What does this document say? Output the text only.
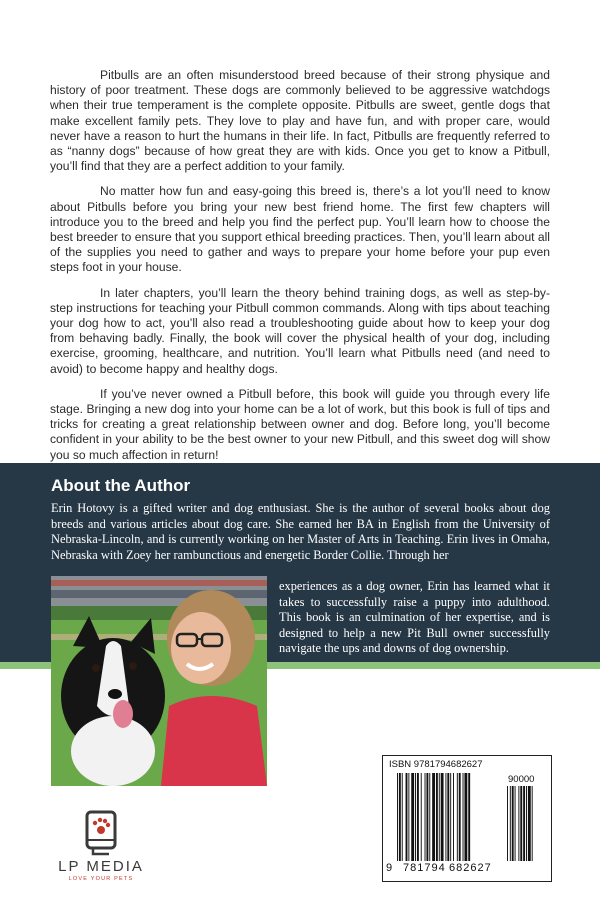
Pitbulls are an often misunderstood breed because of their strong physique and history of poor treatment. These dogs are commonly believed to be aggressive watchdogs when their true temperament is the complete opposite. Pitbulls are sweet, gentle dogs that make excellent family pets. They love to play and have fun, and with proper care, would never have a reason to hurt the humans in their life. In fact, Pitbulls are frequently referred to as “nanny dogs” because of how great they are with kids. Once you get to know a Pitbull, you’ll find that they are a perfect addition to your family.

No matter how fun and easy-going this breed is, there’s a lot you’ll need to know about Pitbulls before you bring your new best friend home. The first few chapters will introduce you to the breed and help you find the perfect pup. You’ll learn how to choose the best breeder to ensure that you support ethical breeding practices. Then, you’ll learn about all of the supplies you need to gather and ways to prepare your home before your pup even steps foot in your house.

In later chapters, you’ll learn the theory behind training dogs, as well as step-by-step instructions for teaching your Pitbull common commands. Along with tips about teaching your dog how to act, you’ll also read a troubleshooting guide about how to keep your dog from behaving badly. Finally, the book will cover the physical health of your dog, including exercise, grooming, healthcare, and nutrition. You’ll learn what Pitbulls need (and need to avoid) to become happy and healthy dogs.

If you’ve never owned a Pitbull before, this book will guide you through every life stage. Bringing a new dog into your home can be a lot of work, but this book is full of tips and tricks for creating a great relationship between owner and dog. Before long, you’ll become confident in your ability to be the best owner to your new Pitbull, and this sweet dog will show you so much affection in return!

About the Author
Erin Hotovy is a gifted writer and dog enthusiast. She is the author of several books about dog breeds and various articles about dog care. She earned her BA in English from the University of Nebraska-Lincoln, and is currently working on her Master of Arts in Teaching. Erin lives in Omaha, Nebraska with Zoey her rambunctious and energetic Border Collie. Through her
experiences as a dog owner, Erin has learned what it takes to successfully raise a puppy into adulthood. This book is an culmination of her expertise, and is designed to help a new Pit Bull owner successfully navigate the ups and downs of dog ownership.
LP MEDIA
LOVE YOUR PETS
ISBN 9781794682627
90000
9 781794 682627
